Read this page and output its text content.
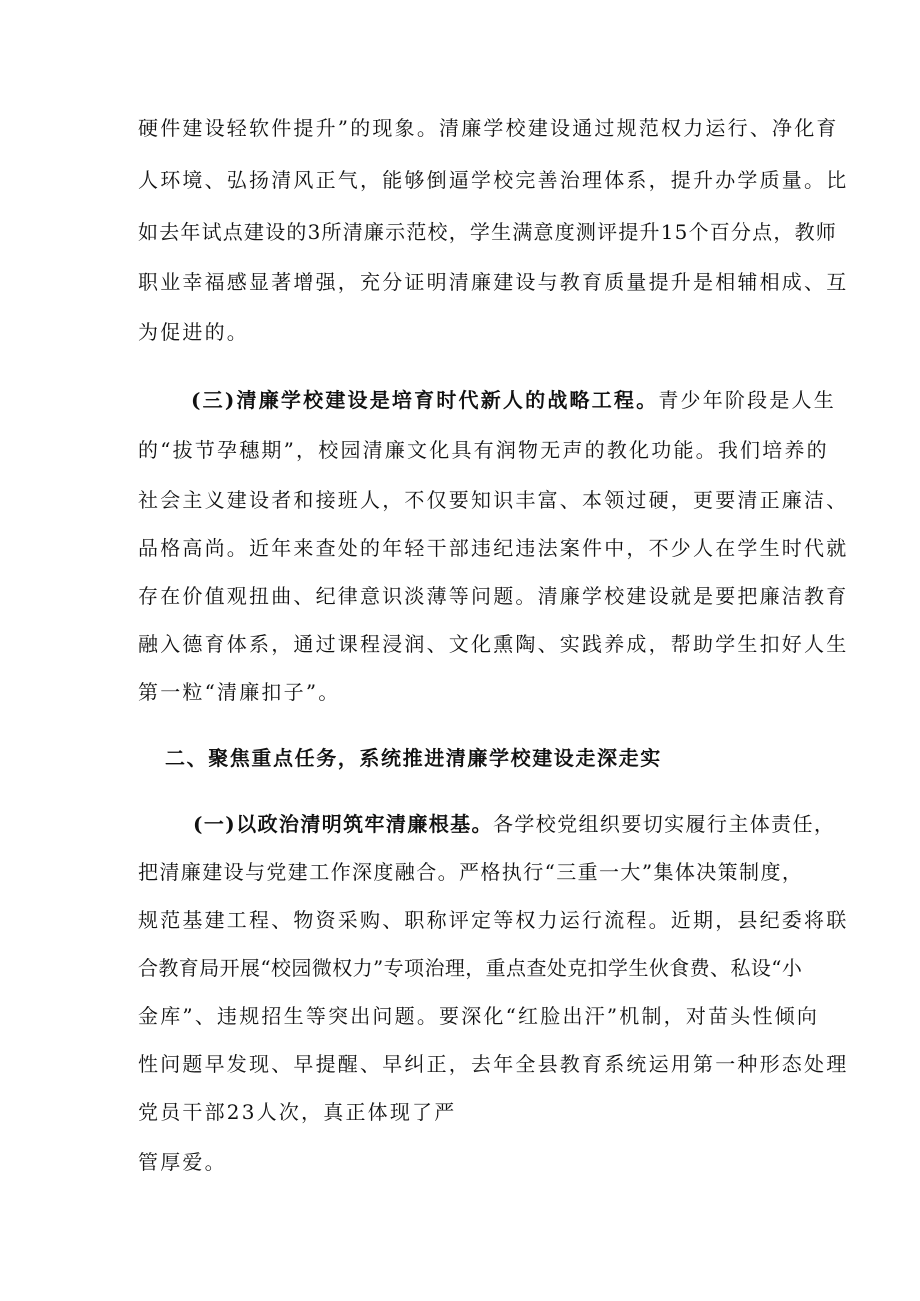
硬件建设轻软件提升”的现象。清廉学校建设通过规范权力运行、净化育
人环境、弘扬清风正气，能够倒逼学校完善治理体系，提升办学质量。比
如去年试点建设的3所清廉示范校，学生满意度测评提升15个百分点，教师
职业幸福感显著增强，充分证明清廉建设与教育质量提升是相辅相成、互
为促进的。
(三)清廉学校建设是培育时代新人的战略工程。青少年阶段是人生
的“拔节孕穗期”，校园清廉文化具有润物无声的教化功能。我们培养的
社会主义建设者和接班人，不仅要知识丰富、本领过硬，更要清正廉洁、
品格高尚。近年来查处的年轻干部违纪违法案件中，不少人在学生时代就
存在价值观扭曲、纪律意识淡薄等问题。清廉学校建设就是要把廉洁教育
融入德育体系，通过课程浸润、文化熏陶、实践养成，帮助学生扣好人生
第一粒“清廉扣子”。
二、聚焦重点任务，系统推进清廉学校建设走深走实
(一)以政治清明筑牢清廉根基。各学校党组织要切实履行主体责任，
把清廉建设与党建工作深度融合。严格执行“三重一大”集体决策制度，
规范基建工程、物资采购、职称评定等权力运行流程。近期，县纪委将联
合教育局开展“校园微权力”专项治理，重点查处克扣学生伙食费、私设“小
金库”、违规招生等突出问题。要深化“红脸出汗”机制，对苗头性倾向
性问题早发现、早提醒、早纠正，去年全县教育系统运用第一种形态处理
党员干部23人次，真正体现了严
管厚爱。
